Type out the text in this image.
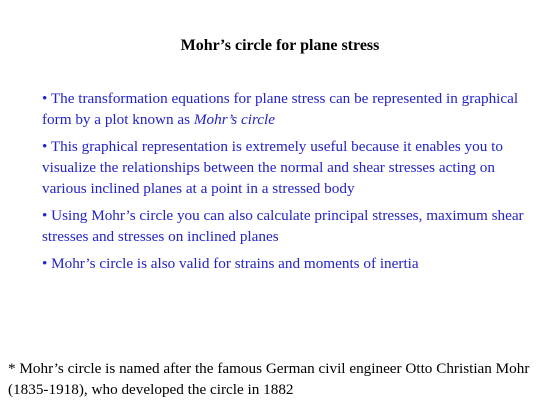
Mohr’s circle for plane stress
• The transformation equations for plane stress can be represented in graphical form by a plot known as Mohr’s circle
• This graphical representation is extremely useful because it enables you to visualize the relationships between the normal and shear stresses acting on various inclined planes at a point in a stressed body
• Using Mohr’s circle you can also calculate principal stresses, maximum shear stresses and stresses on inclined planes
• Mohr’s circle is also valid for strains and moments of inertia
* Mohr’s circle is named after the famous German civil engineer Otto Christian Mohr (1835-1918), who developed the circle in 1882
